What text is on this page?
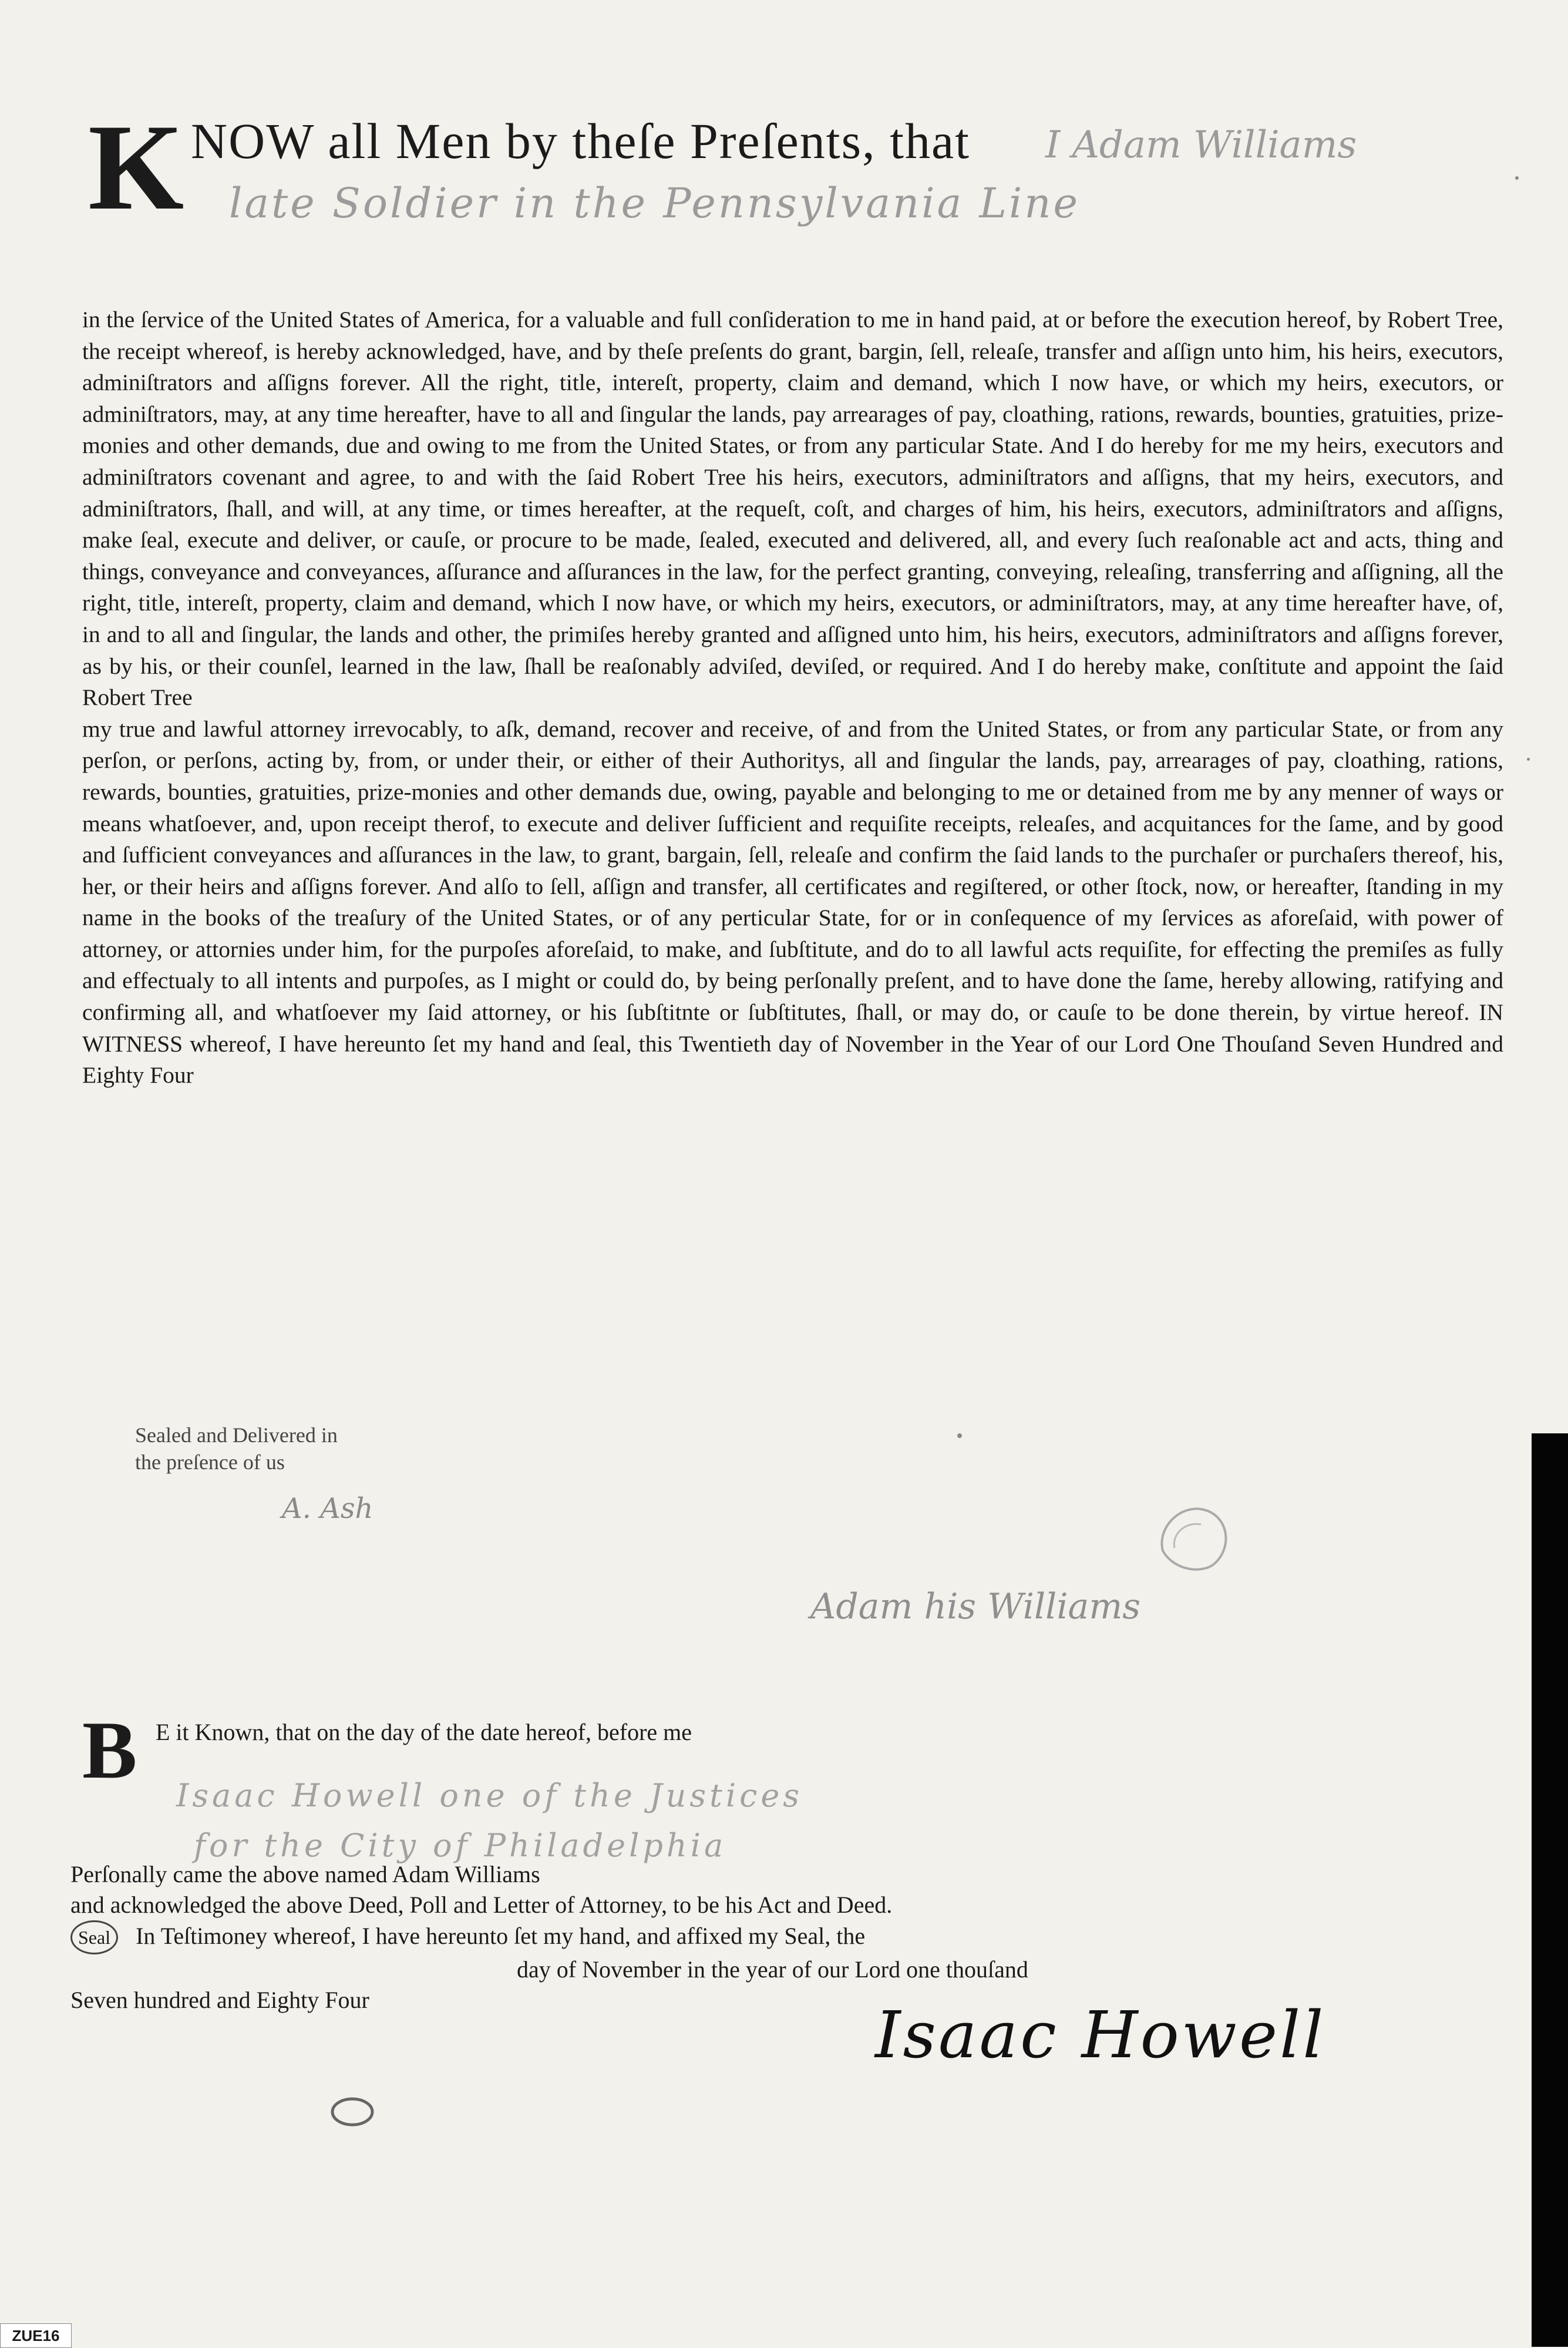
K NOW all Men by theſe Preſents, that I Adam Williams
late Soldier in the Pennsylvania Line

in the ſervice of the United States of America, for a valuable and full conſideration to me in hand paid, at or before the execution hereof, by Robert Tree, the receipt whereof, is hereby acknowledged, have, and by theſe preſents do grant, bargin, ſell, releaſe, transfer and aſſign unto him, his heirs, executors, adminiſtrators and aſſigns forever. All the right, title, intereſt, property, claim and demand, which I now have, or which my heirs, executors, or adminiſtrators, may, at any time hereafter, have to all and ſingular the lands, pay arrearages of pay, cloathing, rations, rewards, bounties, gratuities, prize-monies and other demands, due and owing to me from the United States, or from any particular State. And I do hereby for me my heirs, executors and adminiſtrators covenant and agree, to and with the ſaid Robert Tree his heirs, executors, adminiſtrators and aſſigns, that my heirs, executors, and adminiſtrators, ſhall, and will, at any time, or times hereafter, at the requeſt, coſt, and charges of him, his heirs, executors, adminiſtrators and aſſigns, make ſeal, execute and deliver, or cauſe, or procure to be made, ſealed, executed and delivered, all, and every ſuch reaſonable act and acts, thing and things, conveyance and conveyances, aſſurance and aſſurances in the law, for the perfect granting, conveying, releaſing, transferring and aſſigning, all the right, title, intereſt, property, claim and demand, which I now have, or which my heirs, executors, or adminiſtrators, may, at any time hereafter have, of, in and to all and ſingular, the lands and other, the primiſes hereby granted and aſſigned unto him, his heirs, executors, adminiſtrators and aſſigns forever, as by his, or their counſel, learned in the law, ſhall be reaſonably adviſed, deviſed, or required. And I do hereby make, conſtitute and appoint the ſaid Robert Tree

my true and lawful attorney irrevocably, to aſk, demand, recover and receive, of and from the United States, or from any particular State, or from any perſon, or perſons, acting by, from, or under their, or either of their Authoritys, all and ſingular the lands, pay, arrearages of pay, cloathing, rations, rewards, bounties, gratuities, prize-monies and other demands due, owing, payable and belonging to me or detained from me by any menner of ways or means whatſoever, and, upon receipt therof, to execute and deliver ſufficient and requiſite receipts, releaſes, and acquitances for the ſame, and by good and ſufficient conveyances and aſſurances in the law, to grant, bargain, ſell, releaſe and confirm the ſaid lands to the purchaſer or purchaſers thereof, his, her, or their heirs and aſſigns forever. And alſo to ſell, aſſign and transfer, all certificates and regiſtered, or other ſtock, now, or hereafter, ſtanding in my name in the books of the treaſury of the United States, or of any perticular State, for or in conſequence of my ſervices as aforeſaid, with power of attorney, or attornies under him, for the purpoſes aforeſaid, to make, and ſubſtitute, and do to all lawful acts requiſite, for effecting the premiſes as fully and effectualy to all intents and purpoſes, as I might or could do, by being perſonally preſent, and to have done the ſame, hereby allowing, ratifying and confirming all, and whatſoever my ſaid attorney, or his ſubſtitnte or ſubſtitutes, ſhall, or may do, or cauſe to be done therein, by virtue hereof. IN WITNESS whereof, I have hereunto ſet my hand and ſeal, this Twentieth day of November in the Year of our Lord One Thouſand Seven Hundred and Eighty Four

Sealed and Delivered in
the preſence of us
A. Ash
Adam his Williams
B E it Known, that on the day of the date hereof, before me
Isaac Howell one of the Justices
for the City of Philadelphia

Perſonally came the above named Adam Williams

and acknowledged the above Deed, Poll and Letter of Attorney, to be his Act and Deed.

Seal In Teſtimoney whereof, I have hereunto ſet my hand, and affixed my Seal, the

day of November in the year of our Lord one thouſand

Seven hundred and Eighty Four	Isaac Howell
ZUE16
